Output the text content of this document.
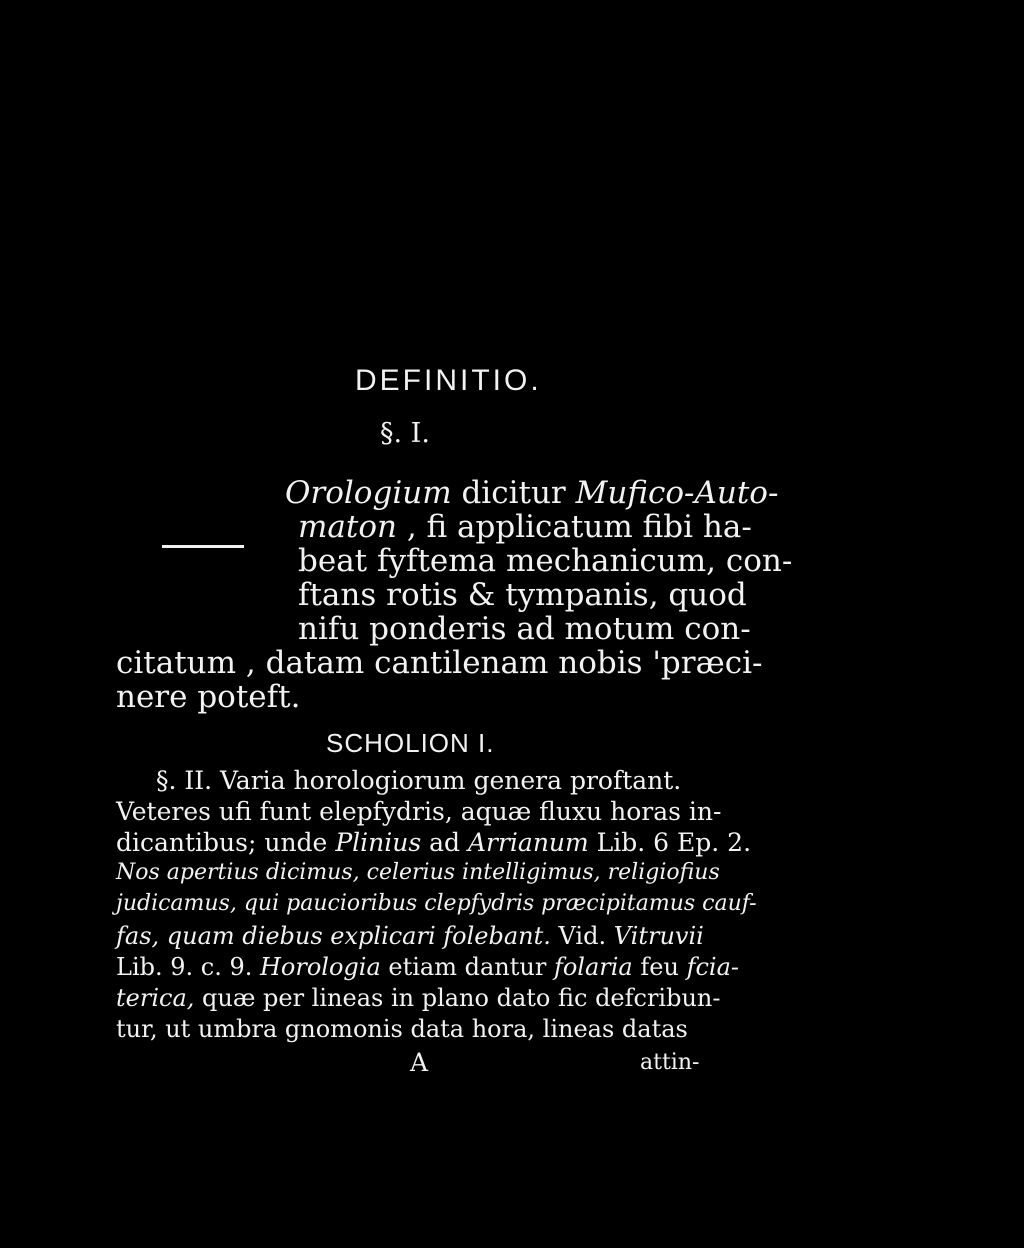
DEFINITIO.
§. I.
Orologium dicitur Mufico-Auto-
maton , fi applicatum fibi ha-
beat fyftema mechanicum, con-
ftans rotis & tympanis, quod
nifu ponderis ad motum con-
citatum , datam cantilenam nobis 'præci-
nere poteft.
SCHOLION I.
§. II. Varia horologiorum genera proftant.
Veteres ufi funt elepfydris, aquæ fluxu horas in-
dicantibus; unde Plinius ad Arrianum Lib. 6 Ep. 2.
Nos apertius dicimus, celerius intelligimus, religiofius
judicamus, qui paucioribus clepfydris præcipitamus cauf-
fas, quam diebus explicari folebant. Vid. Vitruvii
Lib. 9. c. 9. Horologia etiam dantur folaria feu fcia-
terica, quæ per lineas in plano dato fic defcribun-
tur, ut umbra gnomonis data hora, lineas datas
A	attin-
